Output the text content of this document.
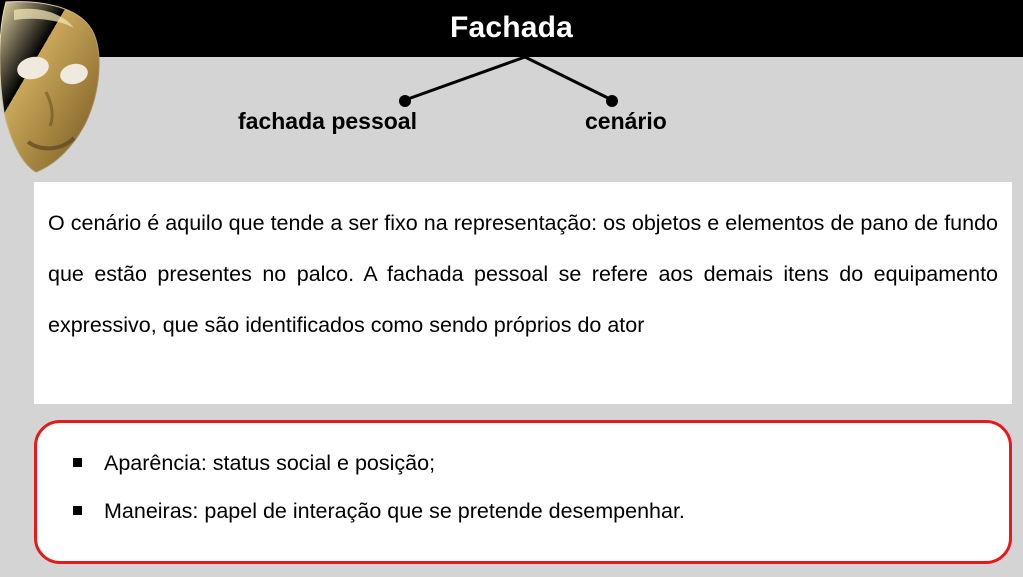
Fachada
fachada pessoal	cenário

O cenário é aquilo que tende a ser fixo na representação: os objetos e elementos de pano de fundo que estão presentes no palco. A fachada pessoal se refere aos demais itens do equipamento expressivo, que são identificados como sendo próprios do ator

Aparência: status social e posição;
Maneiras: papel de interação que se pretende desempenhar.
